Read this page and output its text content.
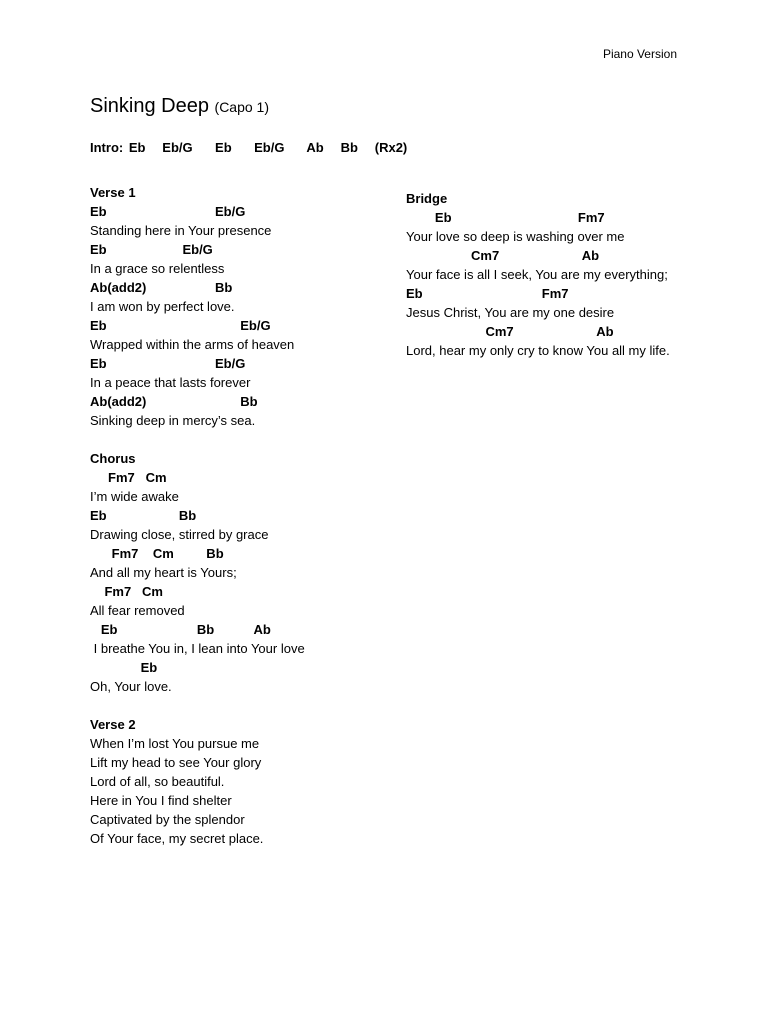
Piano Version
Sinking Deep (Capo 1)
Intro: Eb   Eb/G    Eb    Eb/G    Ab   Bb   (Rx2)
Verse 1
Eb                              Eb/G
Standing here in Your presence
Eb                     Eb/G
In a grace so relentless
Ab(add2)                   Bb
I am won by perfect love.
Eb                                     Eb/G
Wrapped within the arms of heaven
Eb                              Eb/G
In a peace that lasts forever
Ab(add2)                          Bb
Sinking deep in mercy’s sea.
Chorus
Fm7   Cm
I’m wide awake
Eb                    Bb
Drawing close, stirred by grace
Fm7    Cm         Bb
And all my heart is Yours;
Fm7   Cm
All fear removed
Eb                      Bb           Ab
I breathe You in, I lean into Your love
Eb
Oh, Your love.
Verse 2
When I’m lost You pursue me
Lift my head to see Your glory
Lord of all, so beautiful.
Here in You I find shelter
Captivated by the splendor
Of Your face, my secret place.
Bridge
Eb                                   Fm7
Your love so deep is washing over me
Cm7                       Ab
Your face is all I seek, You are my everything;
Eb                                 Fm7
Jesus Christ, You are my one desire
Cm7                       Ab
Lord, hear my only cry to know You all my life.
